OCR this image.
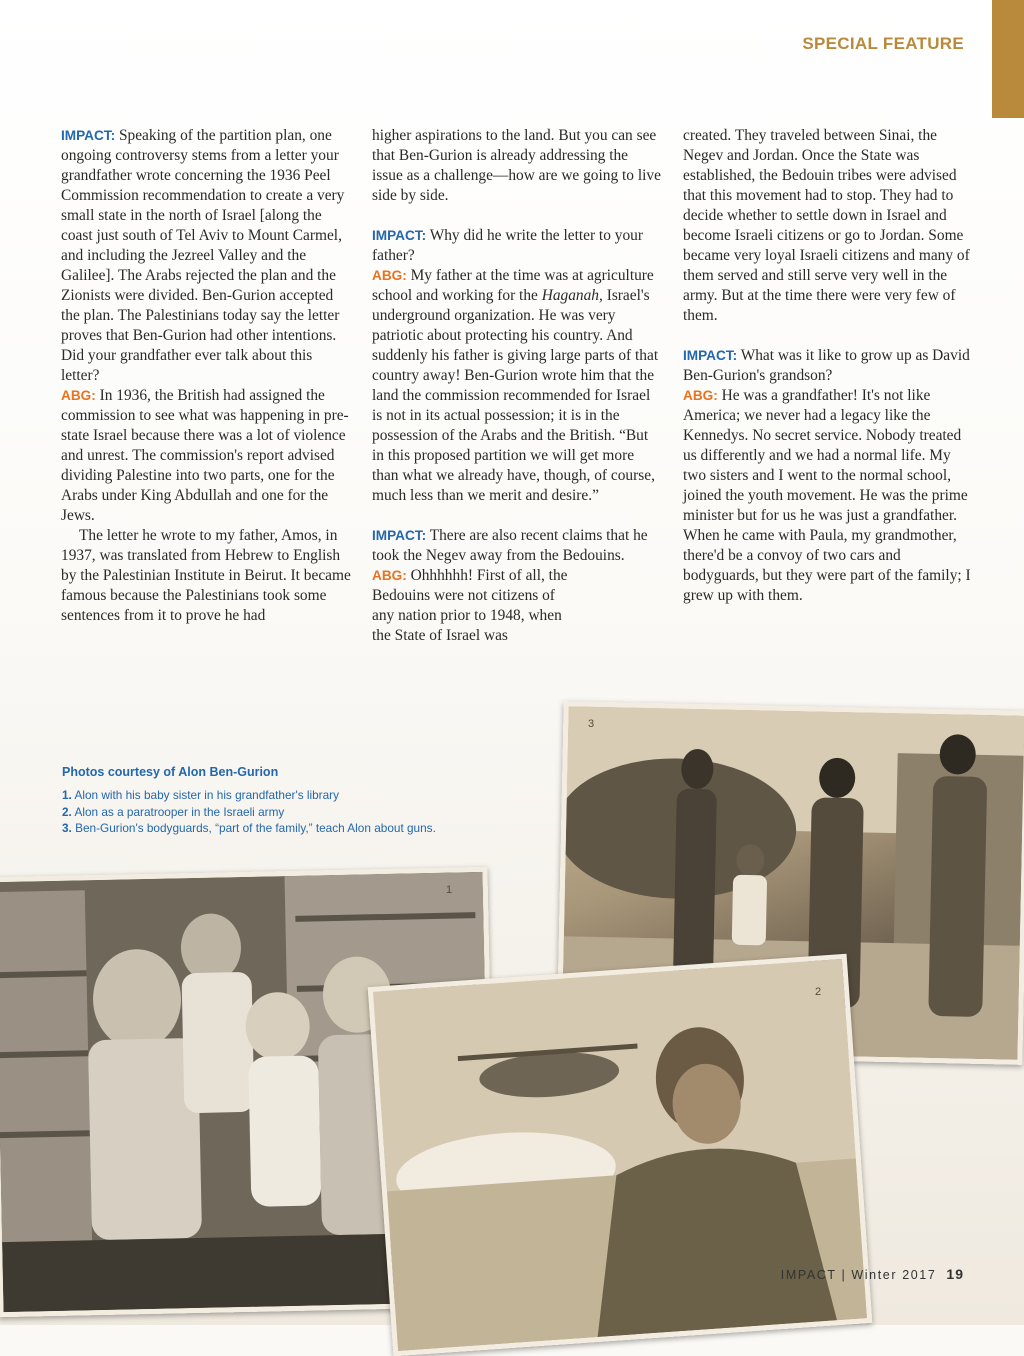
SPECIAL FEATURE

IMPACT: Speaking of the partition plan, one ongoing controversy stems from a letter your grandfather wrote concerning the 1936 Peel Commission recommendation to create a very small state in the north of Israel [along the coast just south of Tel Aviv to Mount Carmel, and including the Jezreel Valley and the Galilee]. The Arabs rejected the plan and the Zionists were divided. Ben-Gurion accepted the plan. The Palestinians today say the letter proves that Ben-Gurion had other intentions. Did your grandfather ever talk about this letter?

ABG: In 1936, the British had assigned the commission to see what was happening in pre-state Israel because there was a lot of violence and unrest. The commission's report advised dividing Palestine into two parts, one for the Arabs under King Abdullah and one for the Jews.

The letter he wrote to my father, Amos, in 1937, was translated from Hebrew to English by the Palestinian Institute in Beirut. It became famous because the Palestinians took some sentences from it to prove he had

higher aspirations to the land. But you can see that Ben-Gurion is already addressing the issue as a challenge—how are we going to live side by side.

IMPACT: Why did he write the letter to your father?

ABG: My father at the time was at agriculture school and working for the Haganah, Israel's underground organization. He was very patriotic about protecting his country. And suddenly his father is giving large parts of that country away! Ben-Gurion wrote him that the land the commission recommended for Israel is not in its actual possession; it is in the possession of the Arabs and the British. “But in this proposed partition we will get more than what we already have, though, of course, much less than we merit and desire.”

IMPACT: There are also recent claims that he took the Negev away from the Bedouins.

ABG: Ohhhhhh! First of all, the Bedouins were not citizens of any nation prior to 1948, when the State of Israel was

created. They traveled between Sinai, the Negev and Jordan. Once the State was established, the Bedouin tribes were advised that this movement had to stop. They had to decide whether to settle down in Israel and become Israeli citizens or go to Jordan. Some became very loyal Israeli citizens and many of them served and still serve very well in the army. But at the time there were very few of them.

IMPACT: What was it like to grow up as David Ben-Gurion's grandson?

ABG: He was a grandfather! It's not like America; we never had a legacy like the Kennedys. No secret service. Nobody treated us differently and we had a normal life. My two sisters and I went to the normal school, joined the youth movement. He was the prime minister but for us he was just a grandfather. When he came with Paula, my grandmother, there'd be a convoy of two cars and bodyguards, but they were part of the family; I grew up with them.

3
1
2
Photos courtesy of Alon Ben-Gurion
1. Alon with his baby sister in his grandfather's library
2. Alon as a paratrooper in the Israeli army
3. Ben-Gurion's bodyguards, “part of the family,” teach Alon about guns.
IMPACT | Winter 2017 19
